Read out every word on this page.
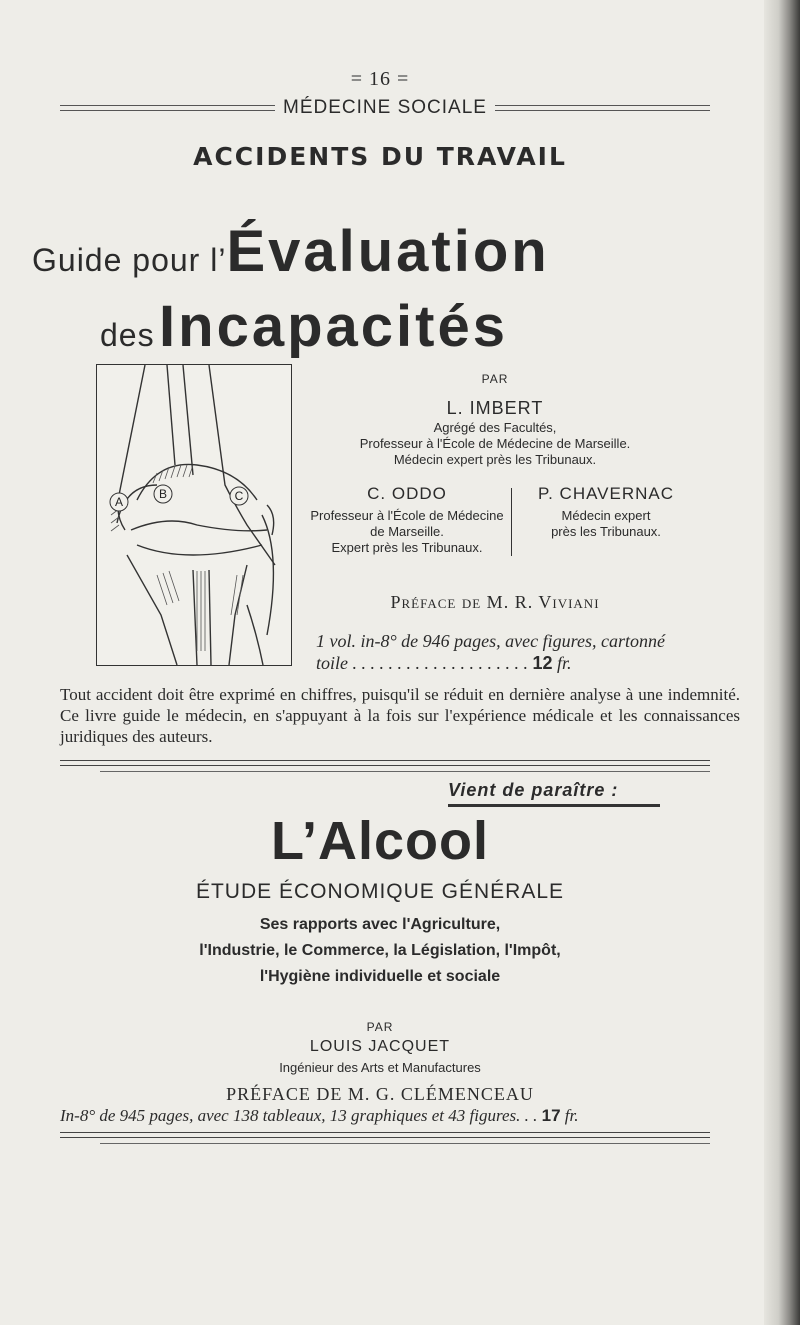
= 16 =
MÉDECINE SOCIALE
ACCIDENTS DU TRAVAIL
Guide pour l’Évaluation
des Incapacités
A
B	C
PAR
L. IMBERT
Agrégé des Facultés,
Professeur à l'École de Médecine de Marseille.
Médecin expert près les Tribunaux.
C. ODDO
Professeur à l'École de Médecine
de Marseille.
Expert près les Tribunaux.
P. CHAVERNAC
Médecin expert
près les Tribunaux.
Préface de M. R. Viviani
1 vol. in-8° de 946 pages, avec figures, cartonné
toile . . . . . . . . . . . . . . . . . . . . 12 fr.
Tout accident doit être exprimé en chiffres, puisqu'il se réduit en dernière analyse à une indemnité. Ce livre guide le médecin, en s'appuyant à la fois sur l'expérience médicale et les connaissances juridiques des auteurs.
Vient de paraître :
L’Alcool
ÉTUDE ÉCONOMIQUE GÉNÉRALE
Ses rapports avec l'Agriculture,
l'Industrie, le Commerce, la Législation, l'Impôt,
l'Hygiène individuelle et sociale
PAR
LOUIS JACQUET
Ingénieur des Arts et Manufactures
PRÉFACE DE M. G. CLÉMENCEAU
In-8° de 945 pages, avec 138 tableaux, 13 graphiques et 43 figures. . . 17 fr.
